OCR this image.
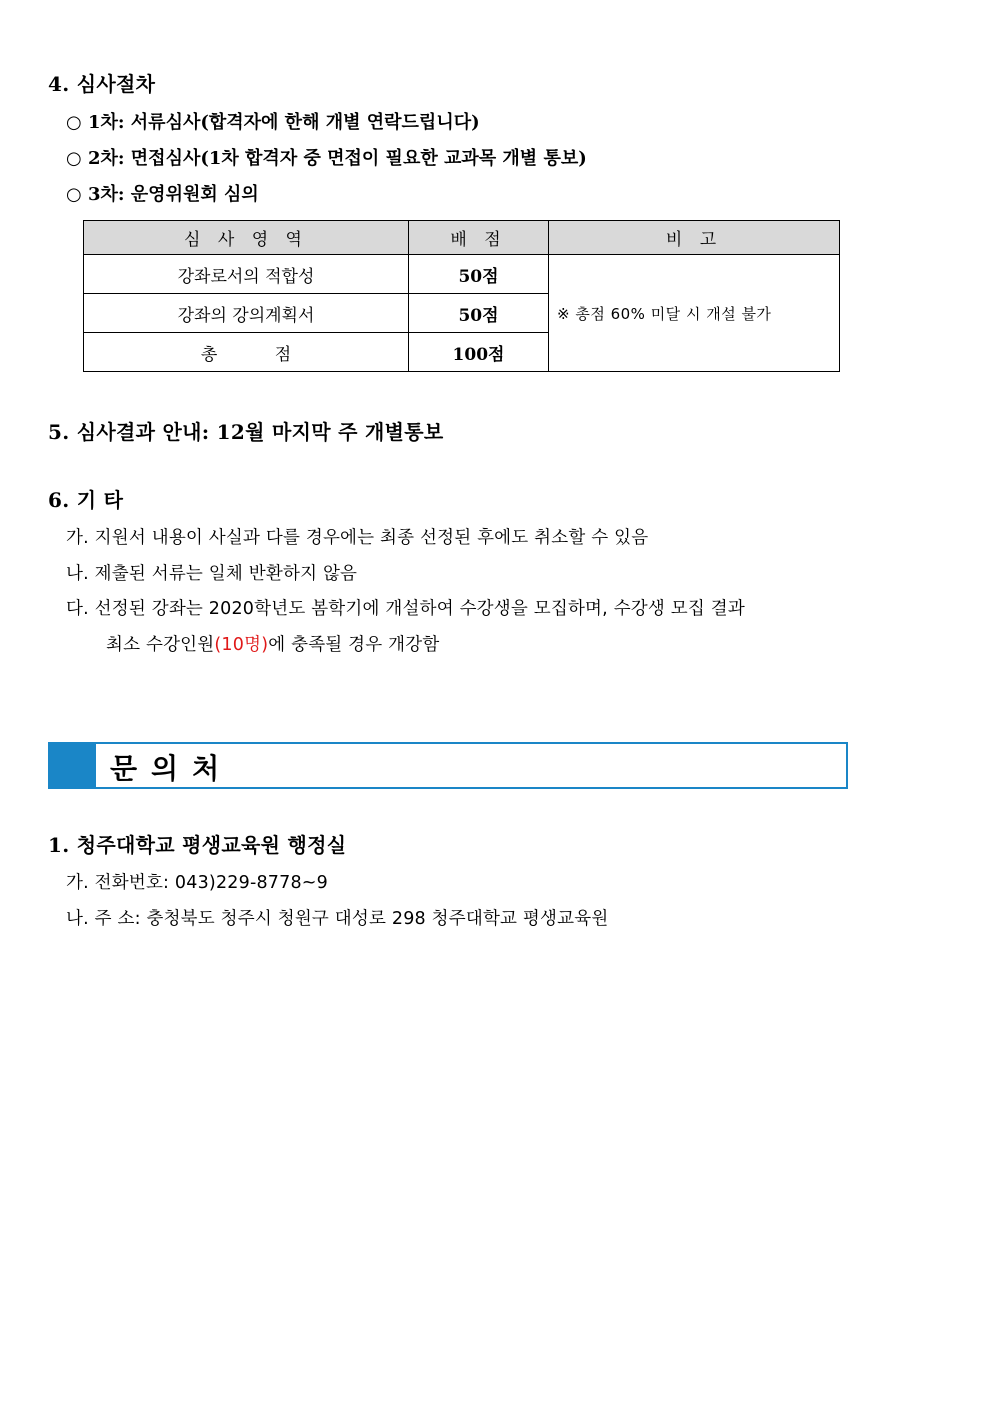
4. 심사절차
○ 1차: 서류심사(합격자에 한해 개별 연락드립니다)
○ 2차: 면접심사(1차 합격자 중 면접이 필요한 교과목 개별 통보)
○ 3차: 운영위원회 심의
심 사 영 역	배 점	비 고
강좌로서의 적합성	50점	※ 총점 60% 미달 시 개설 불가
강좌의 강의계획서	50점	
총 점	100점	
5. 심사결과 안내: 12월 마지막 주 개별통보
6. 기 타
가. 지원서 내용이 사실과 다를 경우에는 최종 선정된 후에도 취소할 수 있음
나. 제출된 서류는 일체 반환하지 않음
다. 선정된 강좌는 2020학년도 봄학기에 개설하여 수강생을 모집하며, 수강생 모집 결과
최소 수강인원(10명)에 충족될 경우 개강함
문의처
1. 청주대학교 평생교육원 행정실
가. 전화번호: 043)229-8778~9
나. 주 소: 충청북도 청주시 청원구 대성로 298 청주대학교 평생교육원
